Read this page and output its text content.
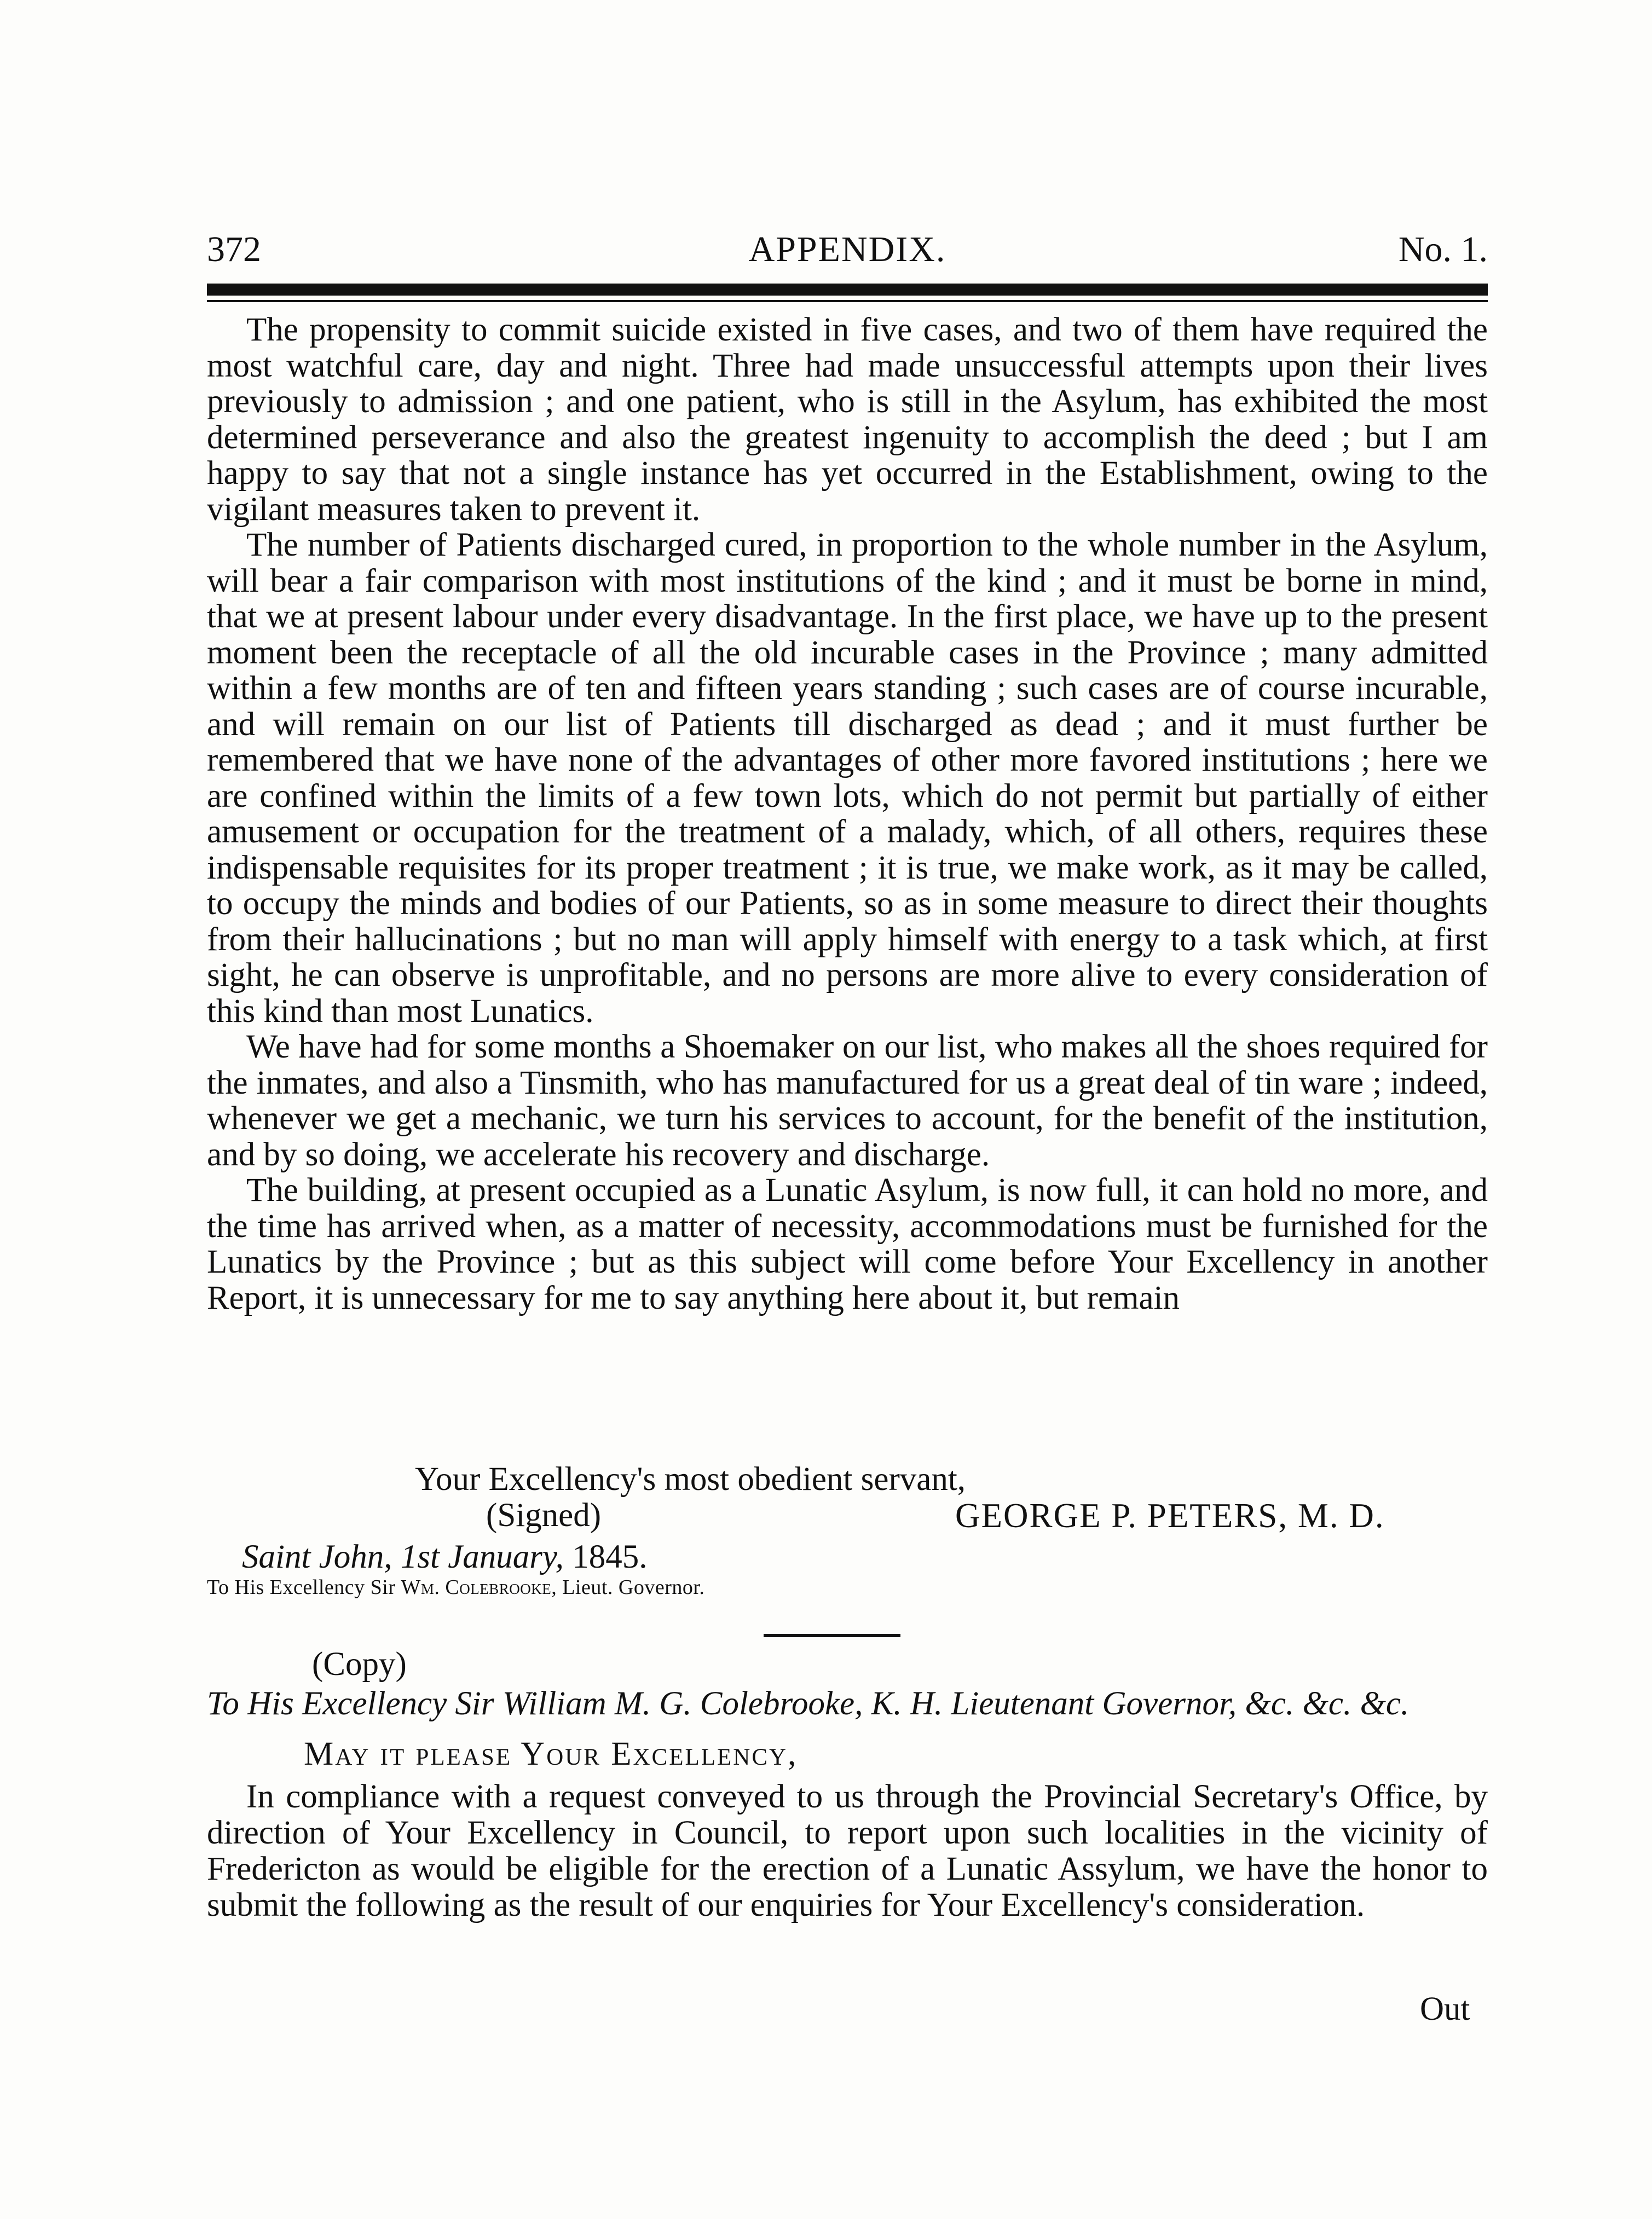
372	APPENDIX.	No. 1.

The propensity to commit suicide existed in five cases, and two of them have required the most watchful care, day and night. Three had made unsuccessful attempts upon their lives previously to admission ; and one patient, who is still in the Asylum, has exhibited the most determined perseverance and also the greatest ingenuity to accomplish the deed ; but I am happy to say that not a single instance has yet occurred in the Establishment, owing to the vigilant measures taken to prevent it.

The number of Patients discharged cured, in proportion to the whole number in the Asylum, will bear a fair comparison with most institutions of the kind ; and it must be borne in mind, that we at present labour under every disadvantage. In the first place, we have up to the present moment been the receptacle of all the old incurable cases in the Province ; many admitted within a few months are of ten and fifteen years standing ; such cases are of course incurable, and will remain on our list of Patients till discharged as dead ; and it must further be remembered that we have none of the advantages of other more favored institutions ; here we are confined within the limits of a few town lots, which do not permit but partially of either amusement or occupation for the treatment of a malady, which, of all others, requires these indispensable requisites for its proper treatment ; it is true, we make work, as it may be called, to occupy the minds and bodies of our Patients, so as in some measure to direct their thoughts from their hallucinations ; but no man will apply himself with energy to a task which, at first sight, he can observe is unprofitable, and no persons are more alive to every consideration of this kind than most Lunatics.

We have had for some months a Shoemaker on our list, who makes all the shoes required for the inmates, and also a Tinsmith, who has manufactured for us a great deal of tin ware ; indeed, whenever we get a mechanic, we turn his services to account, for the benefit of the institution, and by so doing, we accelerate his recovery and discharge.

The building, at present occupied as a Lunatic Asylum, is now full, it can hold no more, and the time has arrived when, as a matter of necessity, accommodations must be furnished for the Lunatics by the Province ; but as this subject will come before Your Excellency in another Report, it is unnecessary for me to say anything here about it, but remain

Your Excellency's most obedient servant,
(Signed)	GEORGE P. PETERS, M. D.
Saint John, 1st January, 1845.
To His Excellency Sir Wm. Colebrooke, Lieut. Governor.
(Copy)
To His Excellency Sir William M. G. Colebrooke, K. H. Lieutenant Governor, &c. &c. &c.
May it please Your Excellency,

In compliance with a request conveyed to us through the Provincial Secretary's Office, by direction of Your Excellency in Council, to report upon such localities in the vicinity of Fredericton as would be eligible for the erection of a Lunatic Assylum, we have the honor to submit the following as the result of our enquiries for Your Excellency's consideration.

Out
